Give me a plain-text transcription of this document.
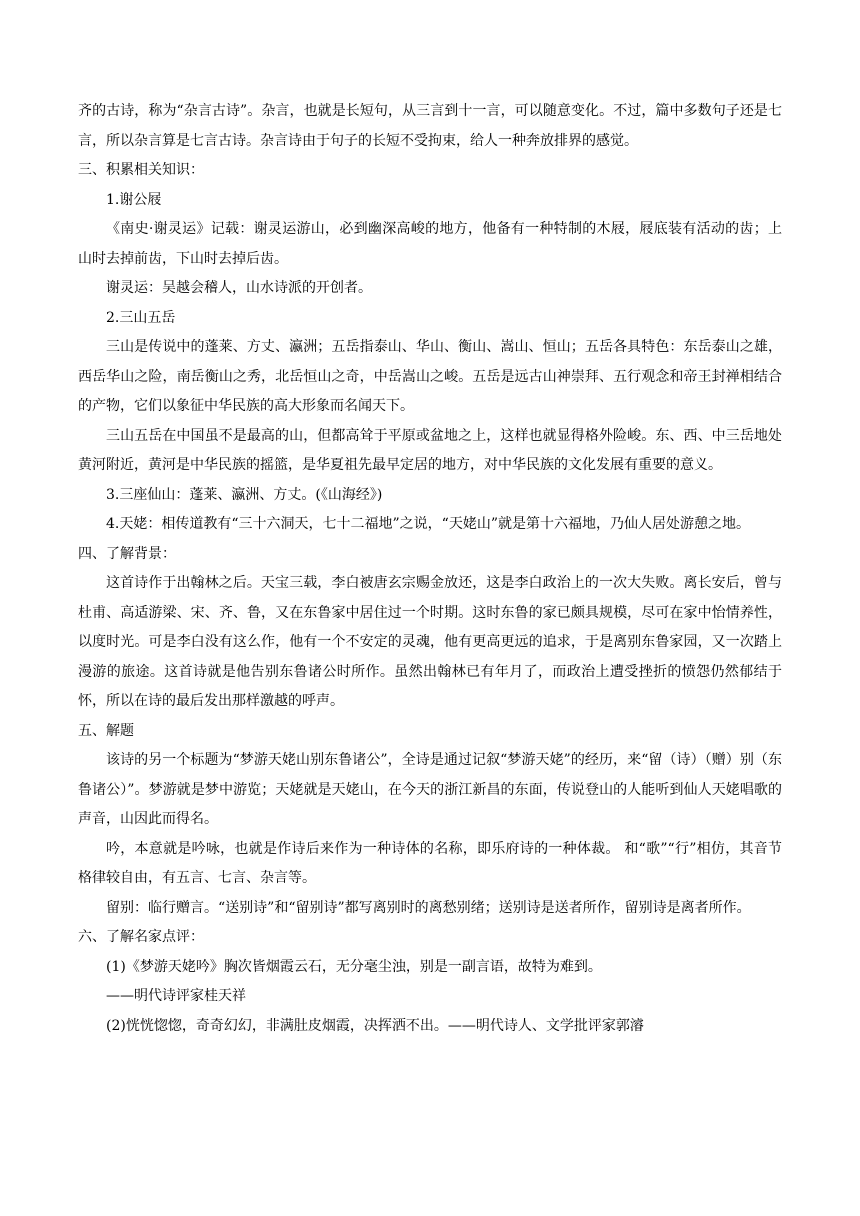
齐的古诗，称为“杂言古诗”。杂言，也就是长短句，从三言到十一言，可以随意变化。不过，篇中多数句子还是七言，所以杂言算是七言古诗。杂言诗由于句子的长短不受拘束，给人一种奔放排界的感觉。

三、积累相关知识：

1.谢公屐

《南史·谢灵运》记载：谢灵运游山，必到幽深高峻的地方，他备有一种特制的木屐，屐底装有活动的齿；上山时去掉前齿，下山时去掉后齿。

谢灵运：吴越会稽人，山水诗派的开创者。

2.三山五岳

三山是传说中的蓬莱、方丈、瀛洲；五岳指泰山、华山、衡山、嵩山、恒山；五岳各具特色：东岳泰山之雄，西岳华山之险，南岳衡山之秀，北岳恒山之奇，中岳嵩山之峻。五岳是远古山神崇拜、五行观念和帝王封禅相结合的产物，它们以象征中华民族的高大形象而名闻天下。

三山五岳在中国虽不是最高的山，但都高耸于平原或盆地之上，这样也就显得格外险峻。东、西、中三岳地处黄河附近，黄河是中华民族的摇篮，是华夏祖先最早定居的地方，对中华民族的文化发展有重要的意义。

3.三座仙山：蓬莱、瀛洲、方丈。(《山海经》)

4.天姥：相传道教有“三十六洞天，七十二福地”之说，“天姥山”就是第十六福地，乃仙人居处游憩之地。

四、了解背景：

这首诗作于出翰林之后。天宝三载，李白被唐玄宗赐金放还，这是李白政治上的一次大失败。离长安后，曾与杜甫、高适游梁、宋、齐、鲁，又在东鲁家中居住过一个时期。这时东鲁的家已颇具规模，尽可在家中怡情养性，以度时光。可是李白没有这么作，他有一个不安定的灵魂，他有更高更远的追求，于是离别东鲁家园，又一次踏上漫游的旅途。这首诗就是他告别东鲁诸公时所作。虽然出翰林已有年月了，而政治上遭受挫折的愤怨仍然郁结于怀，所以在诗的最后发出那样激越的呼声。

五、解题

该诗的另一个标题为“梦游天姥山别东鲁诸公”，全诗是通过记叙“梦游天姥”的经历，来“留（诗）（赠）别（东鲁诸公）”。梦游就是梦中游览；天姥就是天姥山，在今天的浙江新昌的东面，传说登山的人能听到仙人天姥唱歌的声音，山因此而得名。

吟，本意就是吟咏，也就是作诗后来作为一种诗体的名称，即乐府诗的一种体裁。 和“歌”“行”相仿，其音节格律较自由，有五言、七言、杂言等。

留别：临行赠言。“送别诗”和“留别诗”都写离别时的离愁别绪；送别诗是送者所作，留别诗是离者所作。

六、了解名家点评：

(1)《梦游天姥吟》胸次皆烟霞云石，无分毫尘浊，别是一副言语，故特为难到。

——明代诗评家桂天祥

(2)恍恍惚惚，奇奇幻幻，非满肚皮烟霞，决挥洒不出。——明代诗人、文学批评家郭濬
